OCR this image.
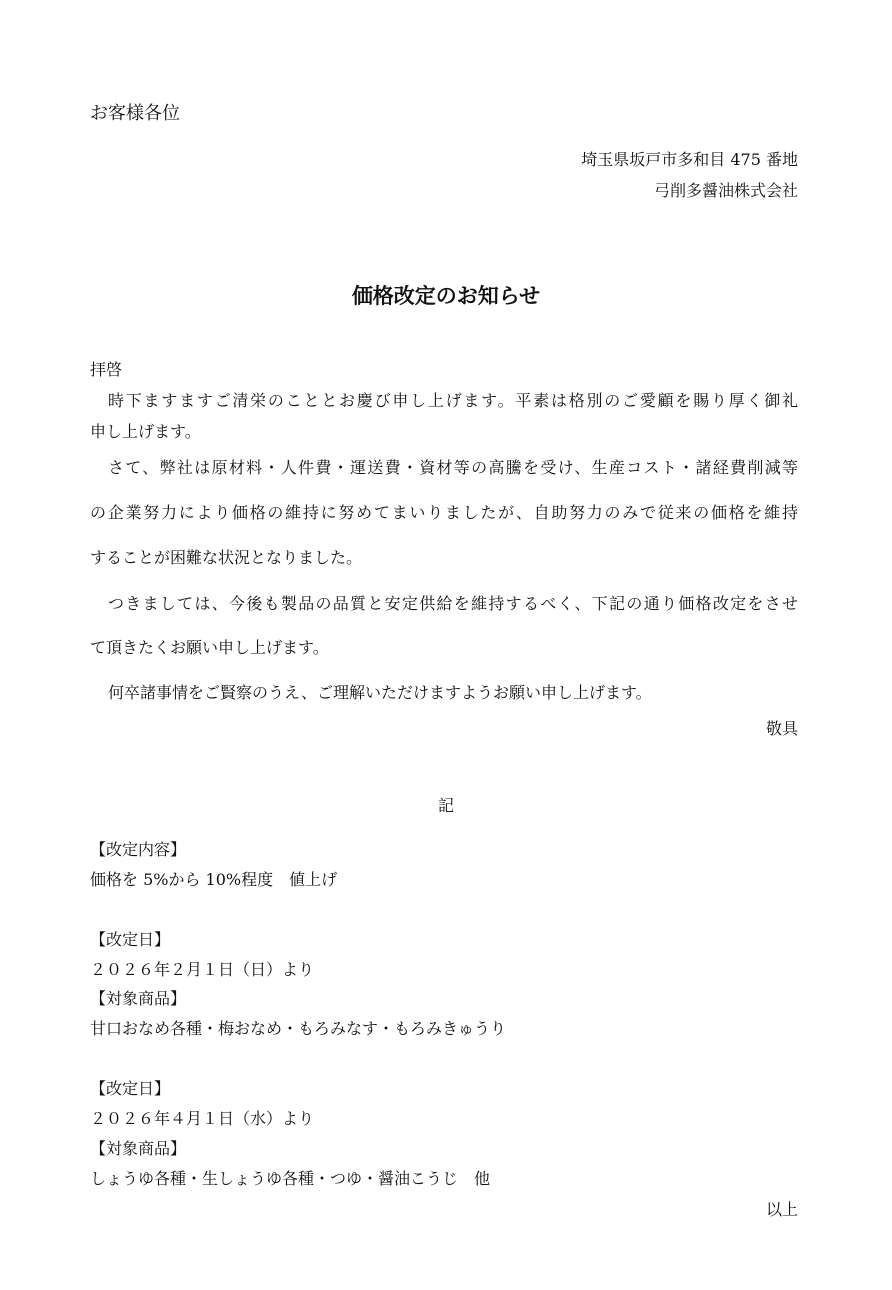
お客様各位
埼玉県坂戸市多和目 475 番地
弓削多醤油株式会社
価格改定のお知らせ
拝啓
時下ますますご清栄のこととお慶び申し上げます。平素は格別のご愛顧を賜り厚く御礼
申し上げます。
さて、弊社は原材料・人件費・運送費・資材等の高騰を受け、生産コスト・諸経費削減等
の企業努力により価格の維持に努めてまいりましたが、自助努力のみで従来の価格を維持
することが困難な状況となりました。
つきましては、今後も製品の品質と安定供給を維持するべく、下記の通り価格改定をさせ
て頂きたくお願い申し上げます。
何卒諸事情をご賢察のうえ、ご理解いただけますようお願い申し上げます。
敬具
記
【改定内容】
価格を 5%から 10%程度　値上げ
【改定日】
２０２６年２月１日（日）より
【対象商品】
甘口おなめ各種・梅おなめ・もろみなす・もろみきゅうり
【改定日】
２０２６年４月１日（水）より
【対象商品】
しょうゆ各種・生しょうゆ各種・つゆ・醤油こうじ　他
以上
